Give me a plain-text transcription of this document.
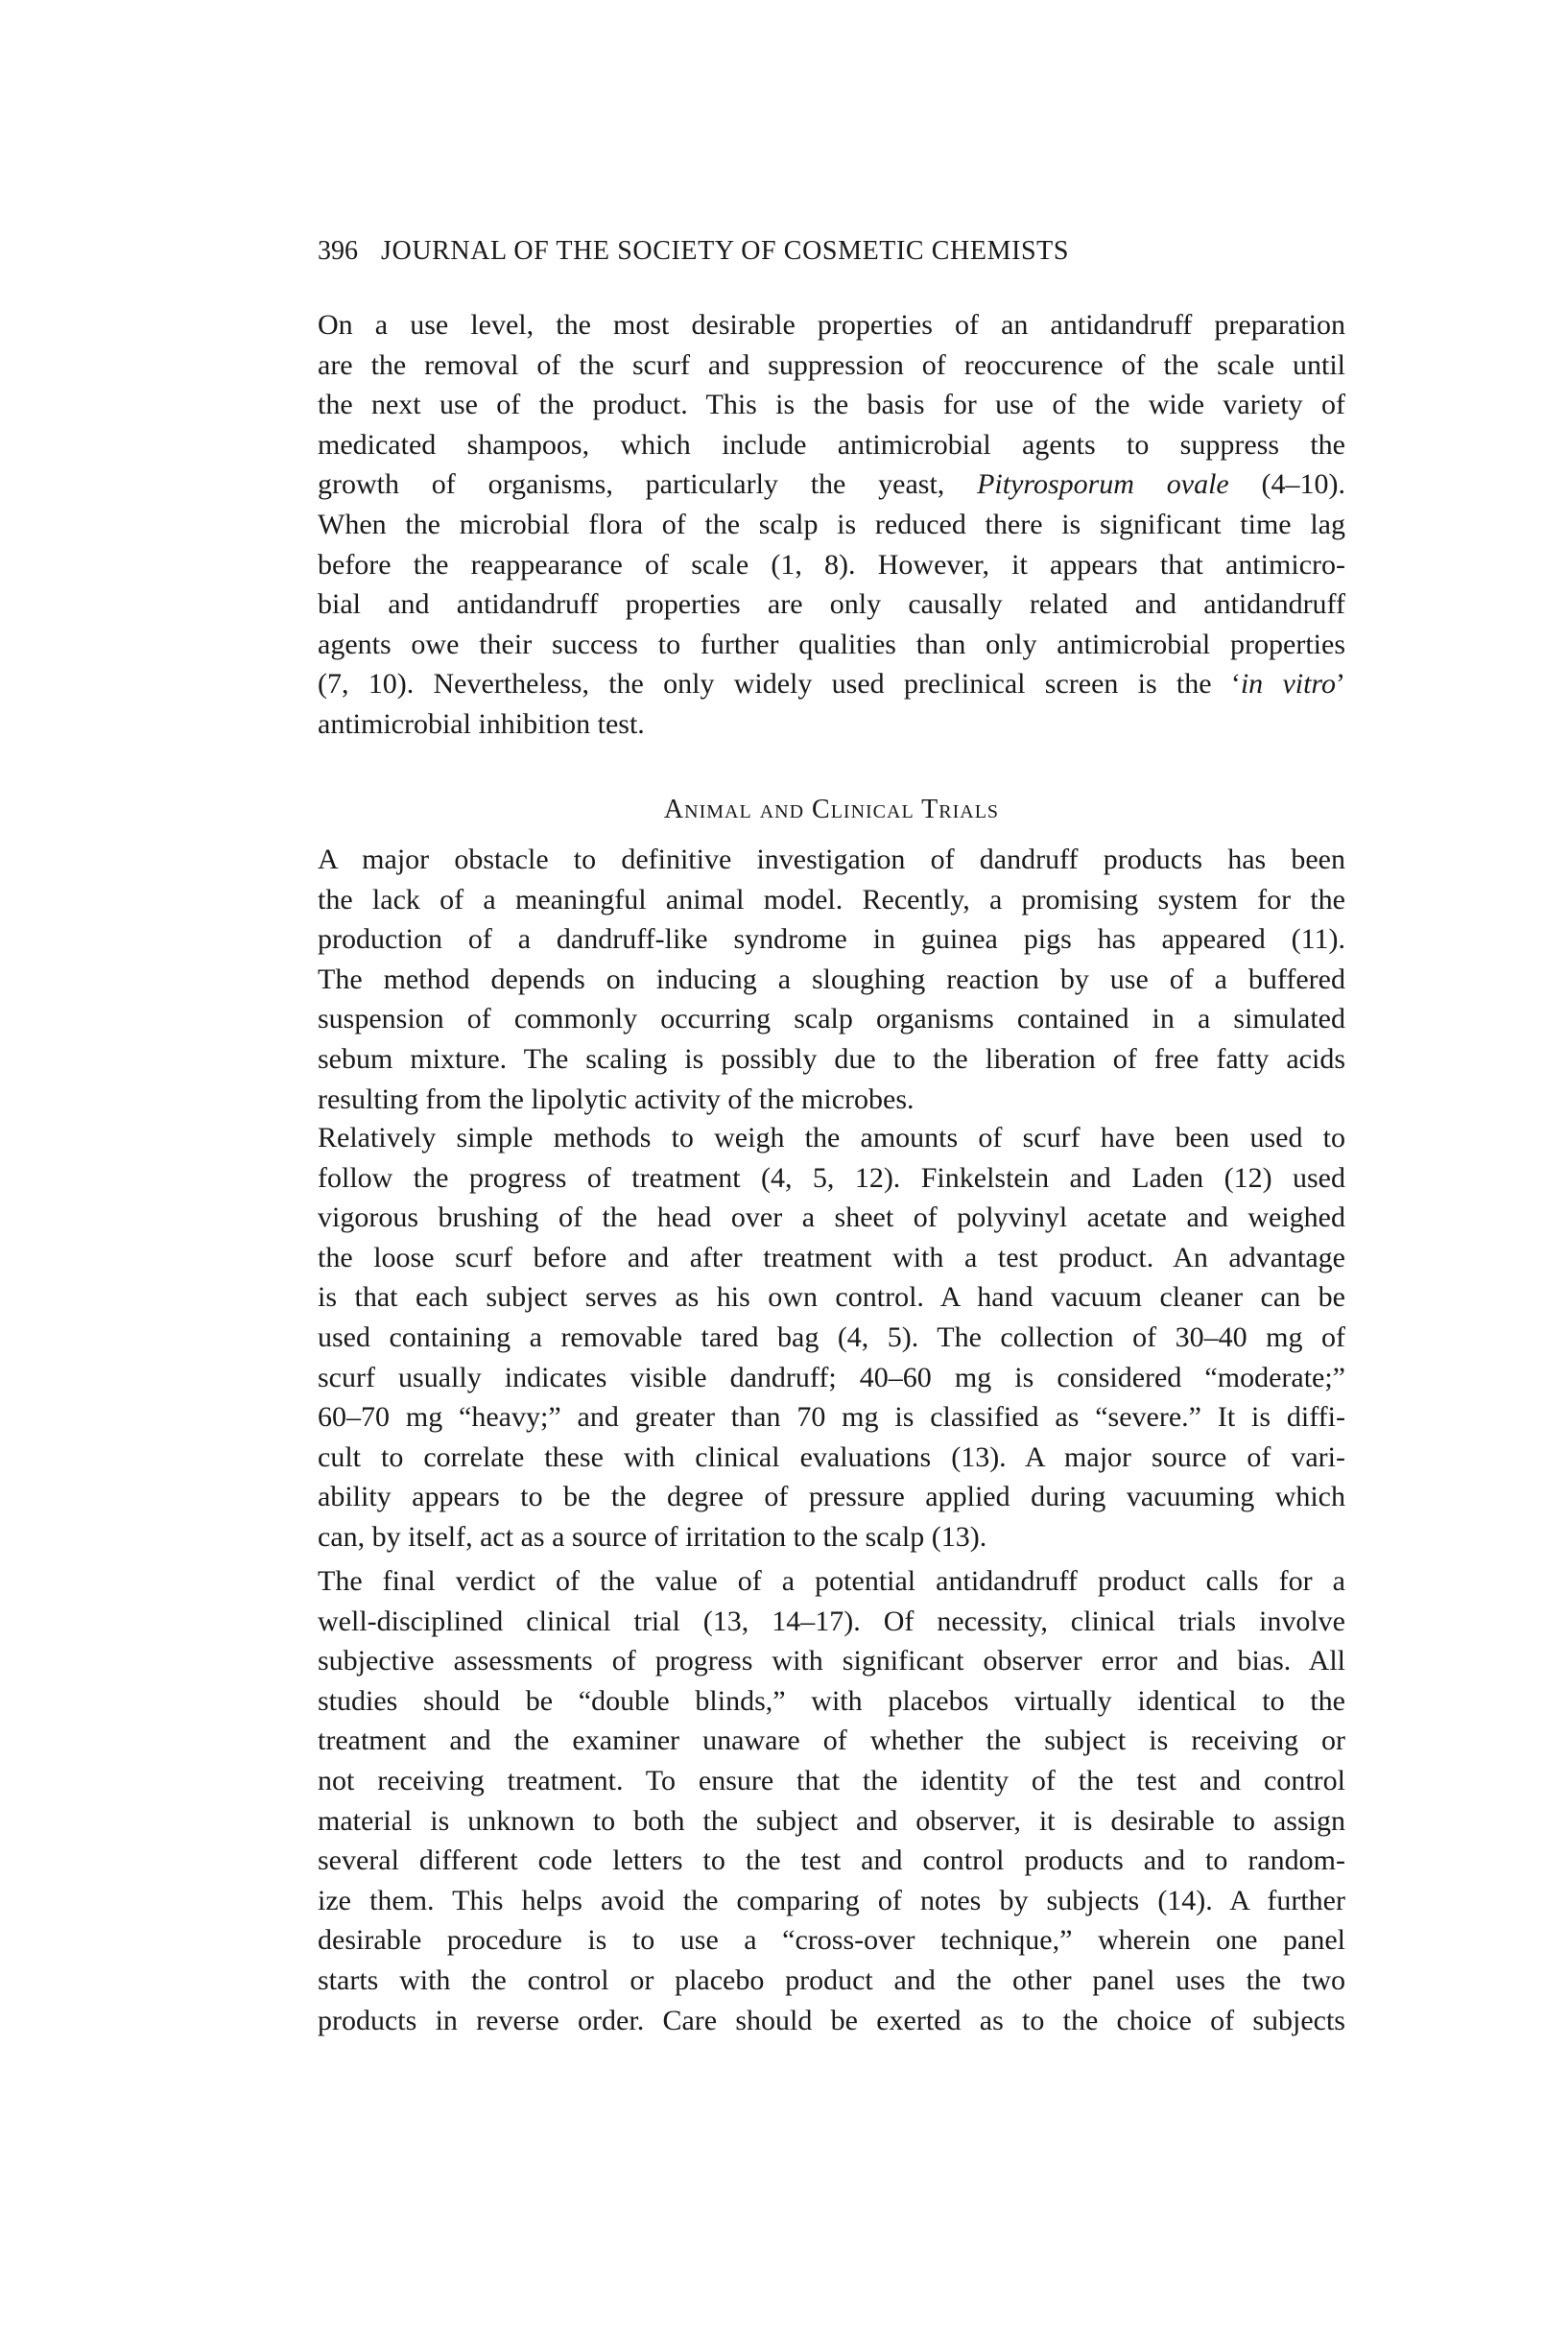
396 JOURNAL OF THE SOCIETY OF COSMETIC CHEMISTS
On a use level, the most desirable properties of an antidandruff preparation
are the removal of the scurf and suppression of reoccurence of the scale until
the next use of the product. This is the basis for use of the wide variety of
medicated shampoos, which include antimicrobial agents to suppress the
growth of organisms, particularly the yeast, Pityrosporum ovale (4–10).
When the microbial flora of the scalp is reduced there is significant time lag
before the reappearance of scale (1, 8). However, it appears that antimicro-
bial and antidandruff properties are only causally related and antidandruff
agents owe their success to further qualities than only antimicrobial properties
(7, 10). Nevertheless, the only widely used preclinical screen is the ‘in vitro’
antimicrobial inhibition test.
Animal and Clinical Trials
A major obstacle to definitive investigation of dandruff products has been
the lack of a meaningful animal model. Recently, a promising system for the
production of a dandruff-like syndrome in guinea pigs has appeared (11).
The method depends on inducing a sloughing reaction by use of a buffered
suspension of commonly occurring scalp organisms contained in a simulated
sebum mixture. The scaling is possibly due to the liberation of free fatty acids
resulting from the lipolytic activity of the microbes.
Relatively simple methods to weigh the amounts of scurf have been used to
follow the progress of treatment (4, 5, 12). Finkelstein and Laden (12) used
vigorous brushing of the head over a sheet of polyvinyl acetate and weighed
the loose scurf before and after treatment with a test product. An advantage
is that each subject serves as his own control. A hand vacuum cleaner can be
used containing a removable tared bag (4, 5). The collection of 30–40 mg of
scurf usually indicates visible dandruff; 40–60 mg is considered “moderate;”
60–70 mg “heavy;” and greater than 70 mg is classified as “severe.” It is diffi-
cult to correlate these with clinical evaluations (13). A major source of vari-
ability appears to be the degree of pressure applied during vacuuming which
can, by itself, act as a source of irritation to the scalp (13).
The final verdict of the value of a potential antidandruff product calls for a
well-disciplined clinical trial (13, 14–17). Of necessity, clinical trials involve
subjective assessments of progress with significant observer error and bias. All
studies should be “double blinds,” with placebos virtually identical to the
treatment and the examiner unaware of whether the subject is receiving or
not receiving treatment. To ensure that the identity of the test and control
material is unknown to both the subject and observer, it is desirable to assign
several different code letters to the test and control products and to random-
ize them. This helps avoid the comparing of notes by subjects (14). A further
desirable procedure is to use a “cross-over technique,” wherein one panel
starts with the control or placebo product and the other panel uses the two
products in reverse order. Care should be exerted as to the choice of subjects
